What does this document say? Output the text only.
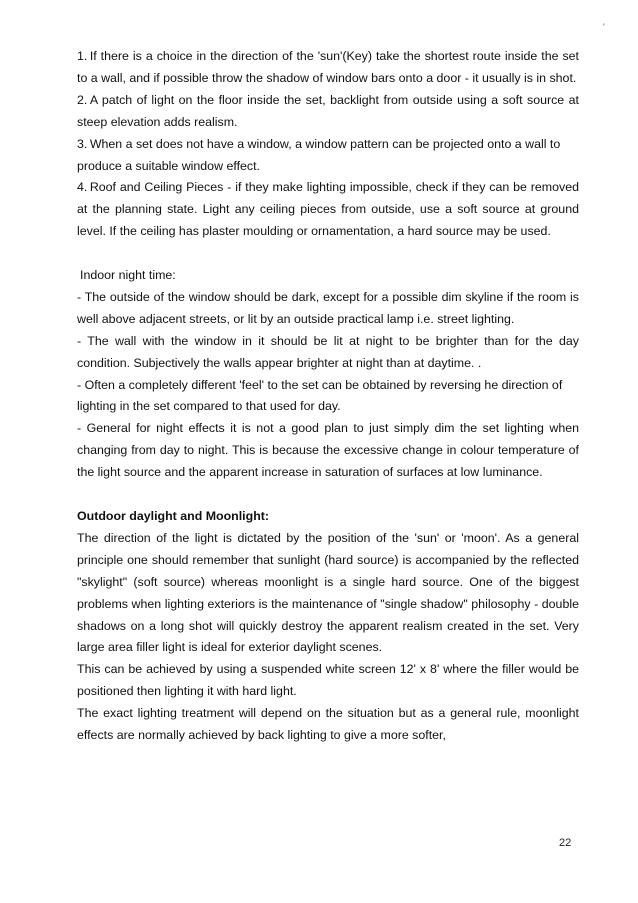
'

1. If there is a choice in the direction of the 'sun'(Key) take the shortest route inside the set to a wall, and if possible throw the shadow of window bars onto a door - it usually is in shot.

2. A patch of light on the floor inside the set, backlight from outside using a soft source at steep elevation adds realism.

3. When a set does not have a window, a window pattern can be projected onto a wall to produce a suitable window effect.

4. Roof and Ceiling Pieces - if they make lighting impossible, check if they can be removed at the planning state. Light any ceiling pieces from outside, use a soft source at ground level. If the ceiling has plaster moulding or ornamentation, a hard source may be used.

Indoor night time:

- The outside of the window should be dark, except for a possible dim skyline if the room is well above adjacent streets, or lit by an outside practical lamp i.e. street lighting.

- The wall with the window in it should be lit at night to be brighter than for the day condition. Subjectively the walls appear brighter at night than at daytime. .

- Often a completely different 'feel' to the set can be obtained by reversing he direction of lighting in the set compared to that used for day.

- General for night effects it is not a good plan to just simply dim the set lighting when changing from day to night. This is because the excessive change in colour temperature of the light source and the apparent increase in saturation of surfaces at low luminance.

Outdoor daylight and Moonlight:

The direction of the light is dictated by the position of the 'sun' or 'moon'. As a general principle one should remember that sunlight (hard source) is accompanied by the reflected "skylight" (soft source) whereas moonlight is a single hard source. One of the biggest problems when lighting exteriors is the maintenance of "single shadow" philosophy - double shadows on a long shot will quickly destroy the apparent realism created in the set. Very large area filler light is ideal for exterior daylight scenes.

This can be achieved by using a suspended white screen 12' x 8' where the filler would be positioned then lighting it with hard light.

The exact lighting treatment will depend on the situation but as a general rule, moonlight effects are normally achieved by back lighting to give a more softer,

22
